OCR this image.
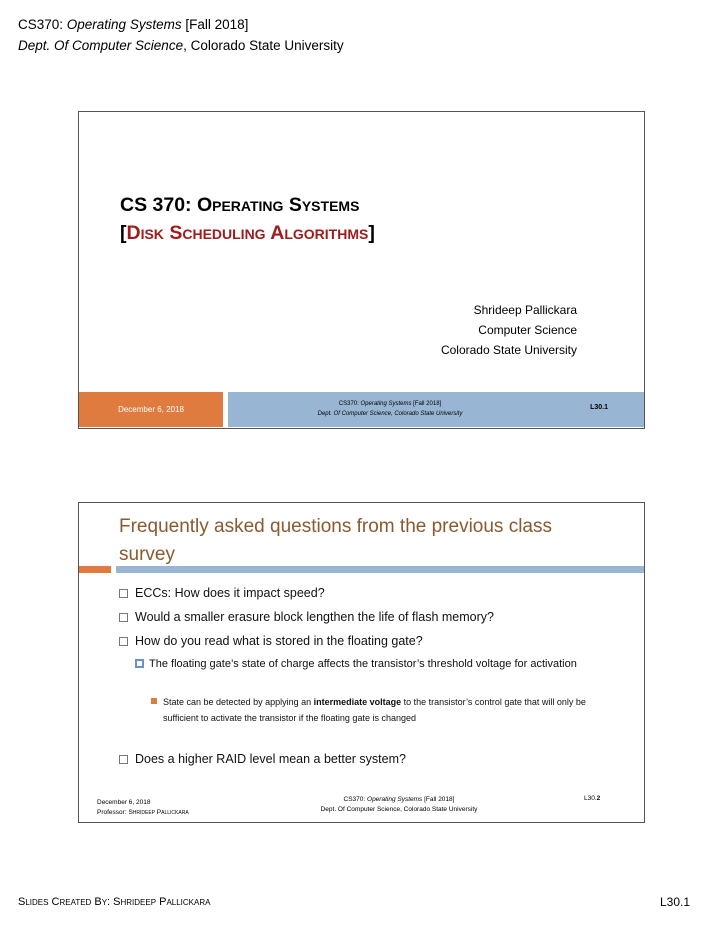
CS370: Operating Systems [Fall 2018]
Dept. Of Computer Science, Colorado State University
CS 370: Operating Systems
[Disk Scheduling Algorithms]
Shrideep Pallickara
Computer Science
Colorado State University
December 6, 2018
CS370: Operating Systems [Fall 2018]
Dept. Of Computer Science, Colorado State University
L30.1
Frequently asked questions from the previous class survey
ECCs: How does it impact speed?
Would a smaller erasure block lengthen the life of flash memory?
How do you read what is stored in the floating gate?
The floating gate’s state of charge affects the transistor’s threshold voltage for activation
State can be detected by applying an intermediate voltage to the transistor’s control gate that will only be sufficient to activate the transistor if the floating gate is changed
Does a higher RAID level mean a better system?
December 6, 2018
Professor: Shrideep Pallickara
CS370: Operating Systems [Fall 2018]
Dept. Of Computer Science, Colorado State University
L30.2
Slides Created By: Shrideep Pallickara	L30.1
